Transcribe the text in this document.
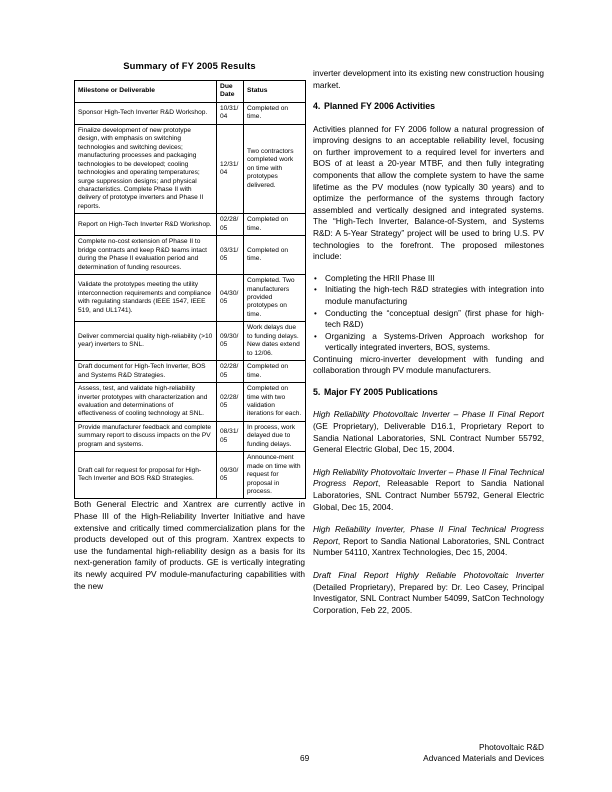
Summary of FY 2005 Results
Milestone or Deliverable	Due Date	Status
Sponsor High-Tech Inverter R&D Workshop.	10/31/ 04	Completed on time.
Finalize development of new prototype design, with emphasis on switching technologies and switching devices; manufacturing processes and packaging technologies to be developed; cooling technologies and operating temperatures; surge suppression designs; and physical characteristics. Complete Phase II with delivery of prototype inverters and Phase II reports.	12/31/ 04	Two contractors completed work on time with prototypes delivered.
Report on High-Tech Inverter R&D Workshop.	02/28/ 05	Completed on time.
Complete no-cost extension of Phase II to bridge contracts and keep R&D teams intact during the Phase II evaluation period and determination of funding resources.	03/31/ 05	Completed on time.
Validate the prototypes meeting the utility interconnection requirements and compliance with regulating standards (IEEE 1547, IEEE 519, and UL1741).	04/30/ 05	Completed. Two manufacturers provided prototypes on time.
Deliver commercial quality high-reliability (>10 year) inverters to SNL.	09/30/ 05	Work delays due to funding delays. New dates extend to 12/06.
Draft document for High-Tech Inverter, BOS and Systems R&D Strategies.	02/28/ 05	Completed on time.
Assess, test, and validate high-reliability inverter prototypes with characterization and evaluation and determinations of effectiveness of cooling technology at SNL.	02/28/ 05	Completed on time with two validation iterations for each.
Provide manufacturer feedback and complete summary report to discuss impacts on the PV program and systems.	08/31/ 05	In process, work delayed due to funding delays.
Draft call for request for proposal for High-Tech Inverter and BOS R&D Strategies.	09/30/ 05	Announce-ment made on time with request for proposal in process.

Both General Electric and Xantrex are currently active in Phase III of the High-Reliability Inverter Initiative and have extensive and critically timed commercialization plans for the products developed out of this program. Xantrex expects to use the fundamental high-reliability design as a basis for its next-generation family of products. GE is vertically integrating its newly acquired PV module-manufacturing capabilities with the new

inverter development into its existing new construction housing market.

4. Planned FY 2006 Activities

Activities planned for FY 2006 follow a natural progression of improving designs to an acceptable reliability level, focusing on further improvement to a required level for inverters and BOS of at least a 20-year MTBF, and then fully integrating components that allow the complete system to have the same lifetime as the PV modules (now typically 30 years) and to optimize the performance of the systems through factory assembled and vertically designed and integrated systems. The “High-Tech Inverter, Balance-of-System, and Systems R&D: A 5-Year Strategy” project will be used to bring U.S. PV technologies to the forefront. The proposed milestones include:

• Completing the HRII Phase III
• Initiating the high-tech R&D strategies with integration into module manufacturing
• Conducting the “conceptual design” (first phase for high-tech R&D)
• Organizing a Systems-Driven Approach workshop for vertically integrated inverters, BOS, systems.

Continuing micro-inverter development with funding and collaboration through PV module manufacturers.

5. Major FY 2005 Publications

High Reliability Photovoltaic Inverter – Phase II Final Report (GE Proprietary), Deliverable D16.1, Proprietary Report to Sandia National Laboratories, SNL Contract Number 55792, General Electric Global, Dec 15, 2004.

High Reliability Photovoltaic Inverter – Phase II Final Technical Progress Report, Releasable Report to Sandia National Laboratories, SNL Contract Number 55792, General Electric Global, Dec 15, 2004.

High Reliability Inverter, Phase II Final Technical Progress Report, Report to Sandia National Laboratories, SNL Contract Number 54110, Xantrex Technologies, Dec 15, 2004.

Draft Final Report Highly Reliable Photovoltaic Inverter (Detailed Proprietary), Prepared by: Dr. Leo Casey, Principal Investigator, SNL Contract Number 54099, SatCon Technology Corporation, Feb 22, 2005.

69
Photovoltaic R&D
Advanced Materials and Devices
